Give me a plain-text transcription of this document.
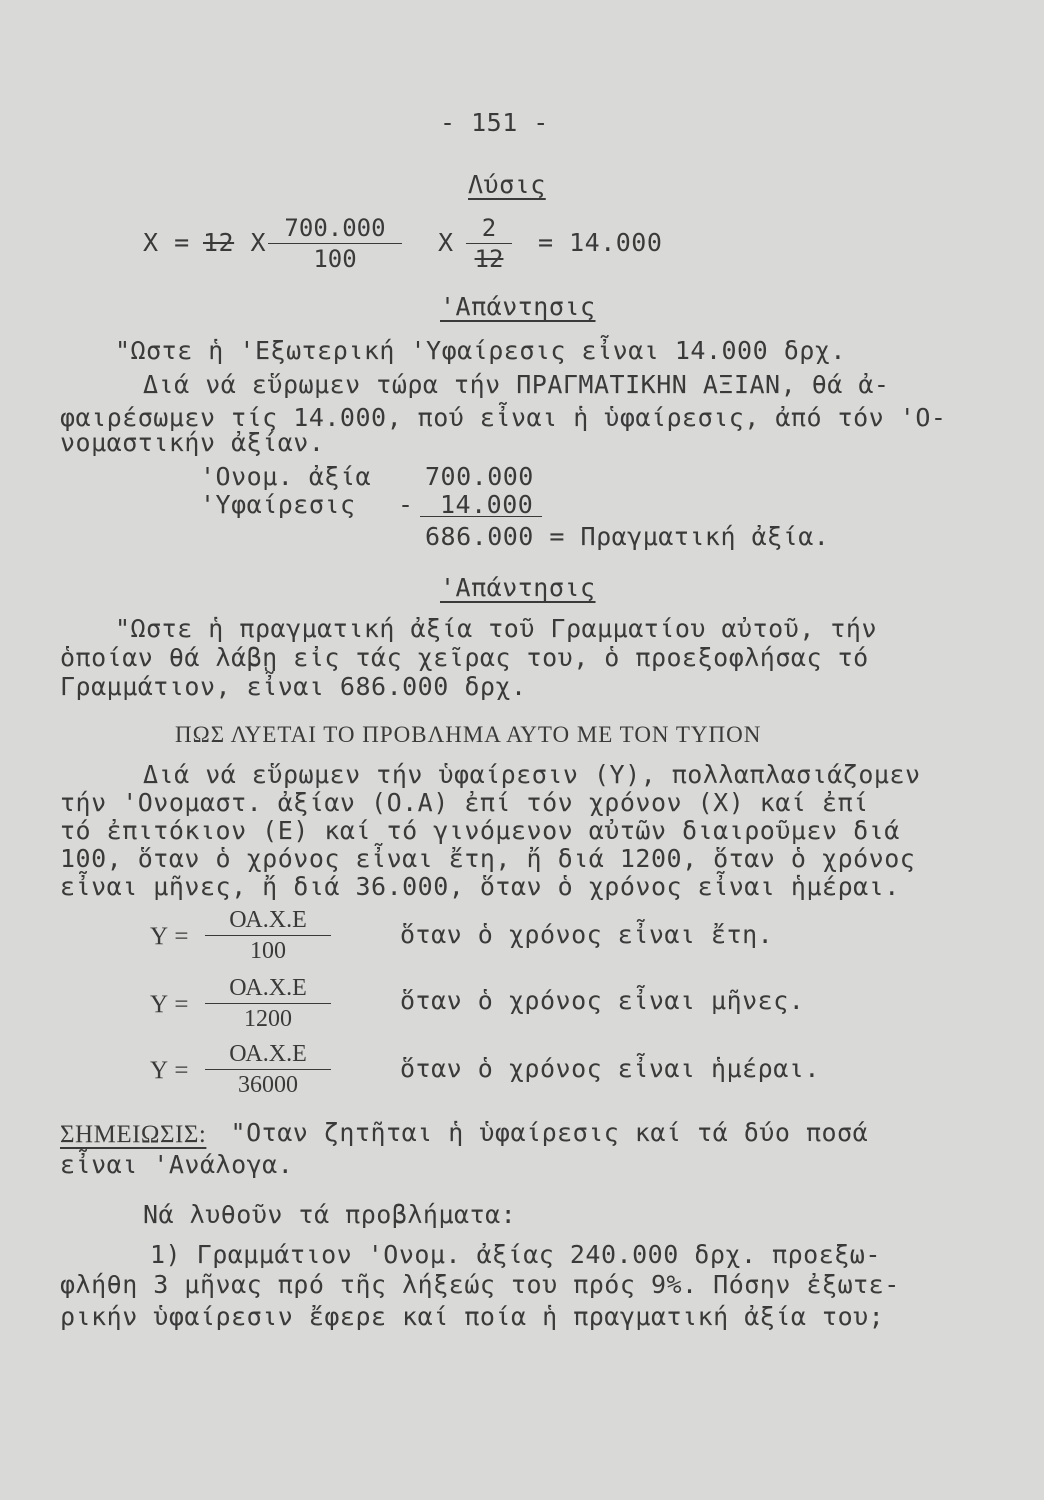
- 151 -
Λύσις
X =
12 X 700.000
100
X 2
12
= 14.000
'Απάντησις
"Ωστε ἡ 'Εξωτερική 'Υφαίρεσις εἶναι 14.000 δρχ.
Διά νά εὕρωμεν τώρα τήν ΠΡΑΓΜΑΤΙΚΗΝ ΑΞΙΑΝ, θά ἀ-
φαιρέσωμεν τίς 14.000, πού εἶναι ἡ ὑφαίρεσις, ἀπό τόν 'Ο-
νομαστικήν ἀξίαν.
'Ονομ. ἀξία 700.000
'Υφαίρεσις - 14.000
686.000 = Πραγματική ἀξία.
'Απάντησις
"Ωστε ἡ πραγματική ἀξία τοῦ Γραμματίου αὐτοῦ, τήν
ὁποίαν θά λάβῃ εἰς τάς χεῖρας του, ὁ προεξοφλήσας τό
Γραμμάτιον, εἶναι 686.000 δρχ.
ΠΩΣ ΛΥΕΤΑΙ ΤΟ ΠΡΟΒΛΗΜΑ ΑΥΤΟ ΜΕ ΤΟΝ ΤΥΠΟΝ
Διά νά εὕρωμεν τήν ὑφαίρεσιν (Υ), πολλαπλασιάζομεν
τήν 'Ονομαστ. ἀξίαν (Ο.Α) ἐπί τόν χρόνον (Χ) καί ἐπί
τό ἐπιτόκιον (Ε) καί τό γινόμενον αὐτῶν διαιροῦμεν διά
100, ὅταν ὁ χρόνος εἶναι ἔτη, ἤ διά 1200, ὅταν ὁ χρόνος
εἶναι μῆνες, ἤ διά 36.000, ὅταν ὁ χρόνος εἶναι ἡμέραι.
Υ =
ΟΑ.Χ.Ε
100
ὅταν ὁ χρόνος εἶναι ἔτη.
Υ =
ΟΑ.Χ.Ε
1200
ὅταν ὁ χρόνος εἶναι μῆνες.
Υ =
ΟΑ.Χ.Ε
36000
ὅταν ὁ χρόνος εἶναι ἡμέραι.
ΣΗΜΕΙΩΣΙΣ: "Οταν ζητῆται ἡ ὑφαίρεσις καί τά δύο ποσά
εἶναι 'Ανάλογα.
Νά λυθοῦν τά προβλήματα:
1) Γραμμάτιον 'Ονομ. ἀξίας 240.000 δρχ. προεξω-
φλήθη 3 μῆνας πρό τῆς λήξεώς του πρός 9%. Πόσην ἐξωτε-
ρικήν ὑφαίρεσιν ἔφερε καί ποία ἡ πραγματική ἀξία του;
